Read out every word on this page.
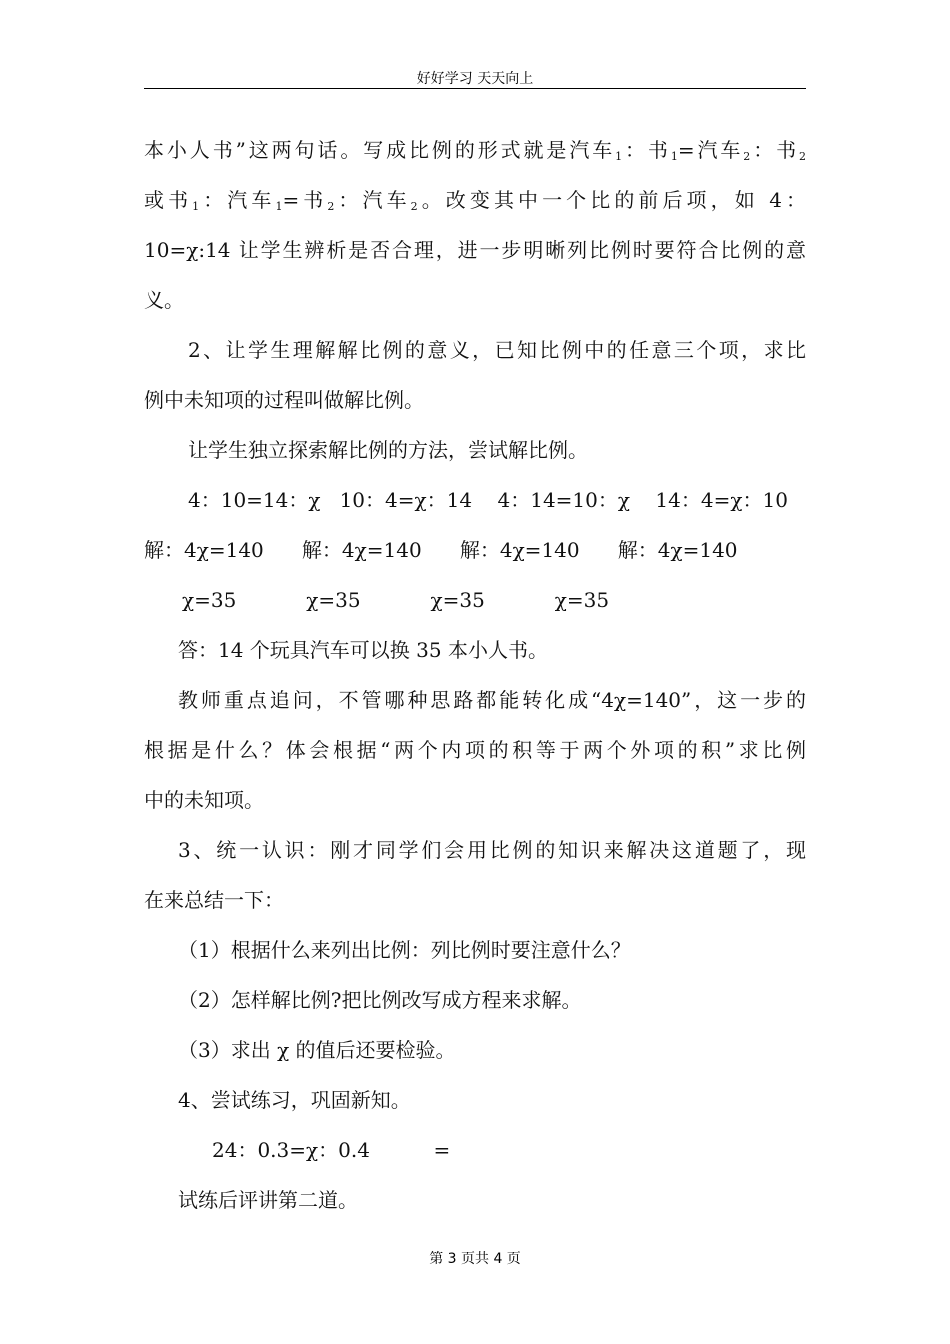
好好学习 天天向上
本小人书”这两句话。写成比例的形式就是汽车$_1$：书$_1$=汽车$_2$：书$_2$
或书$_1$：汽车$_1$=书$_2$：汽车$_2$。改变其中一个比的前后项，如 4：
10=χ:14 让学生辨析是否合理，进一步明晰列比例时要符合比例的意
义。
2、让学生理解解比例的意义，已知比例中的任意三个项，求比
例中未知项的过程叫做解比例。
让学生独立探索解比例的方法，尝试解比例。
4：10=14：χ   10：4=χ：14    4：14=10：χ    14：4=χ：10
解：4χ=140      解：4χ=140      解：4χ=140      解：4χ=140
χ=35           χ=35           χ=35           χ=35
答：14 个玩具汽车可以换 35 本小人书。
教师重点追问，不管哪种思路都能转化成“4χ=140”，这一步的
根据是什么？体会根据“两个内项的积等于两个外项的积”求比例
中的未知项。
3、统一认识：刚才同学们会用比例的知识来解决这道题了，现
在来总结一下：
（1）根据什么来列出比例：列比例时要注意什么？
（2）怎样解比例?把比例改写成方程来求解。
（3）求出 χ 的值后还要检验。
4、尝试练习，巩固新知。
24：0.3=χ：0.4          =
试练后评讲第二道。
第 3 页共 4 页
